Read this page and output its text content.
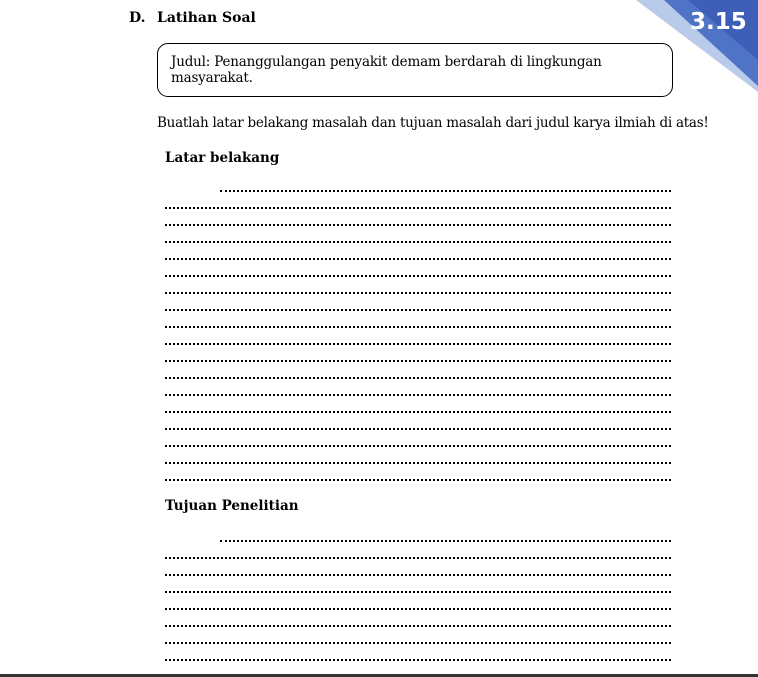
3.15
D. Latihan Soal
Judul: Penanggulangan penyakit demam berdarah di lingkungan masyarakat.
Buatlah latar belakang masalah dan tujuan masalah dari judul karya ilmiah di atas!
Latar belakang
Tujuan Penelitian
